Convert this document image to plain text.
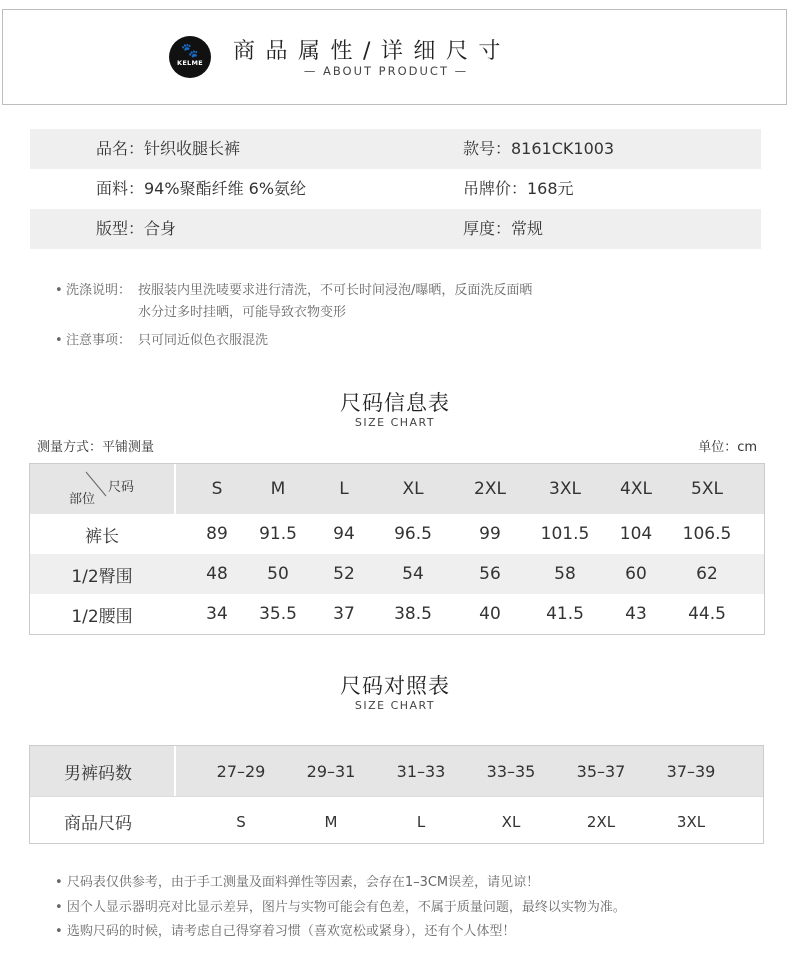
🐾
KELME	商品属性/详细尺寸
— ABOUT PRODUCT —
品名：针织收腿长裤	款号：8161CK1003
面料：94%聚酯纤维 6%氨纶	吊牌价：168元
版型：合身	厚度：常规
• 洗涤说明： 按服装内里洗唛要求进行清洗，不可长时间浸泡/曝晒，反面洗反面晒
水分过多时挂晒，可能导致衣物变形
• 注意事项： 只可同近似色衣服混洗
尺码信息表
SIZE CHART
测量方式：平铺测量	单位：cm
尺码
部位
S	M	L	XL	2XL	3XL	4XL	5XL
裤长	89	91.5	94	96.5	99	101.5	104	106.5
1/2臀围	48	50	52	54	56	58	60	62
1/2腰围	34	35.5	37	38.5	40	41.5	43	44.5
尺码对照表
SIZE CHART
男裤码数	27–29	29–31	31–33	33–35	35–37	37–39
商品尺码	S	M	L	XL	2XL	3XL
• 尺码表仅供参考，由于手工测量及面料弹性等因素，会存在1–3CM误差，请见谅！
• 因个人显示器明亮对比显示差异，图片与实物可能会有色差，不属于质量问题，最终以实物为准。
• 选购尺码的时候，请考虑自己得穿着习惯（喜欢宽松或紧身），还有个人体型！
